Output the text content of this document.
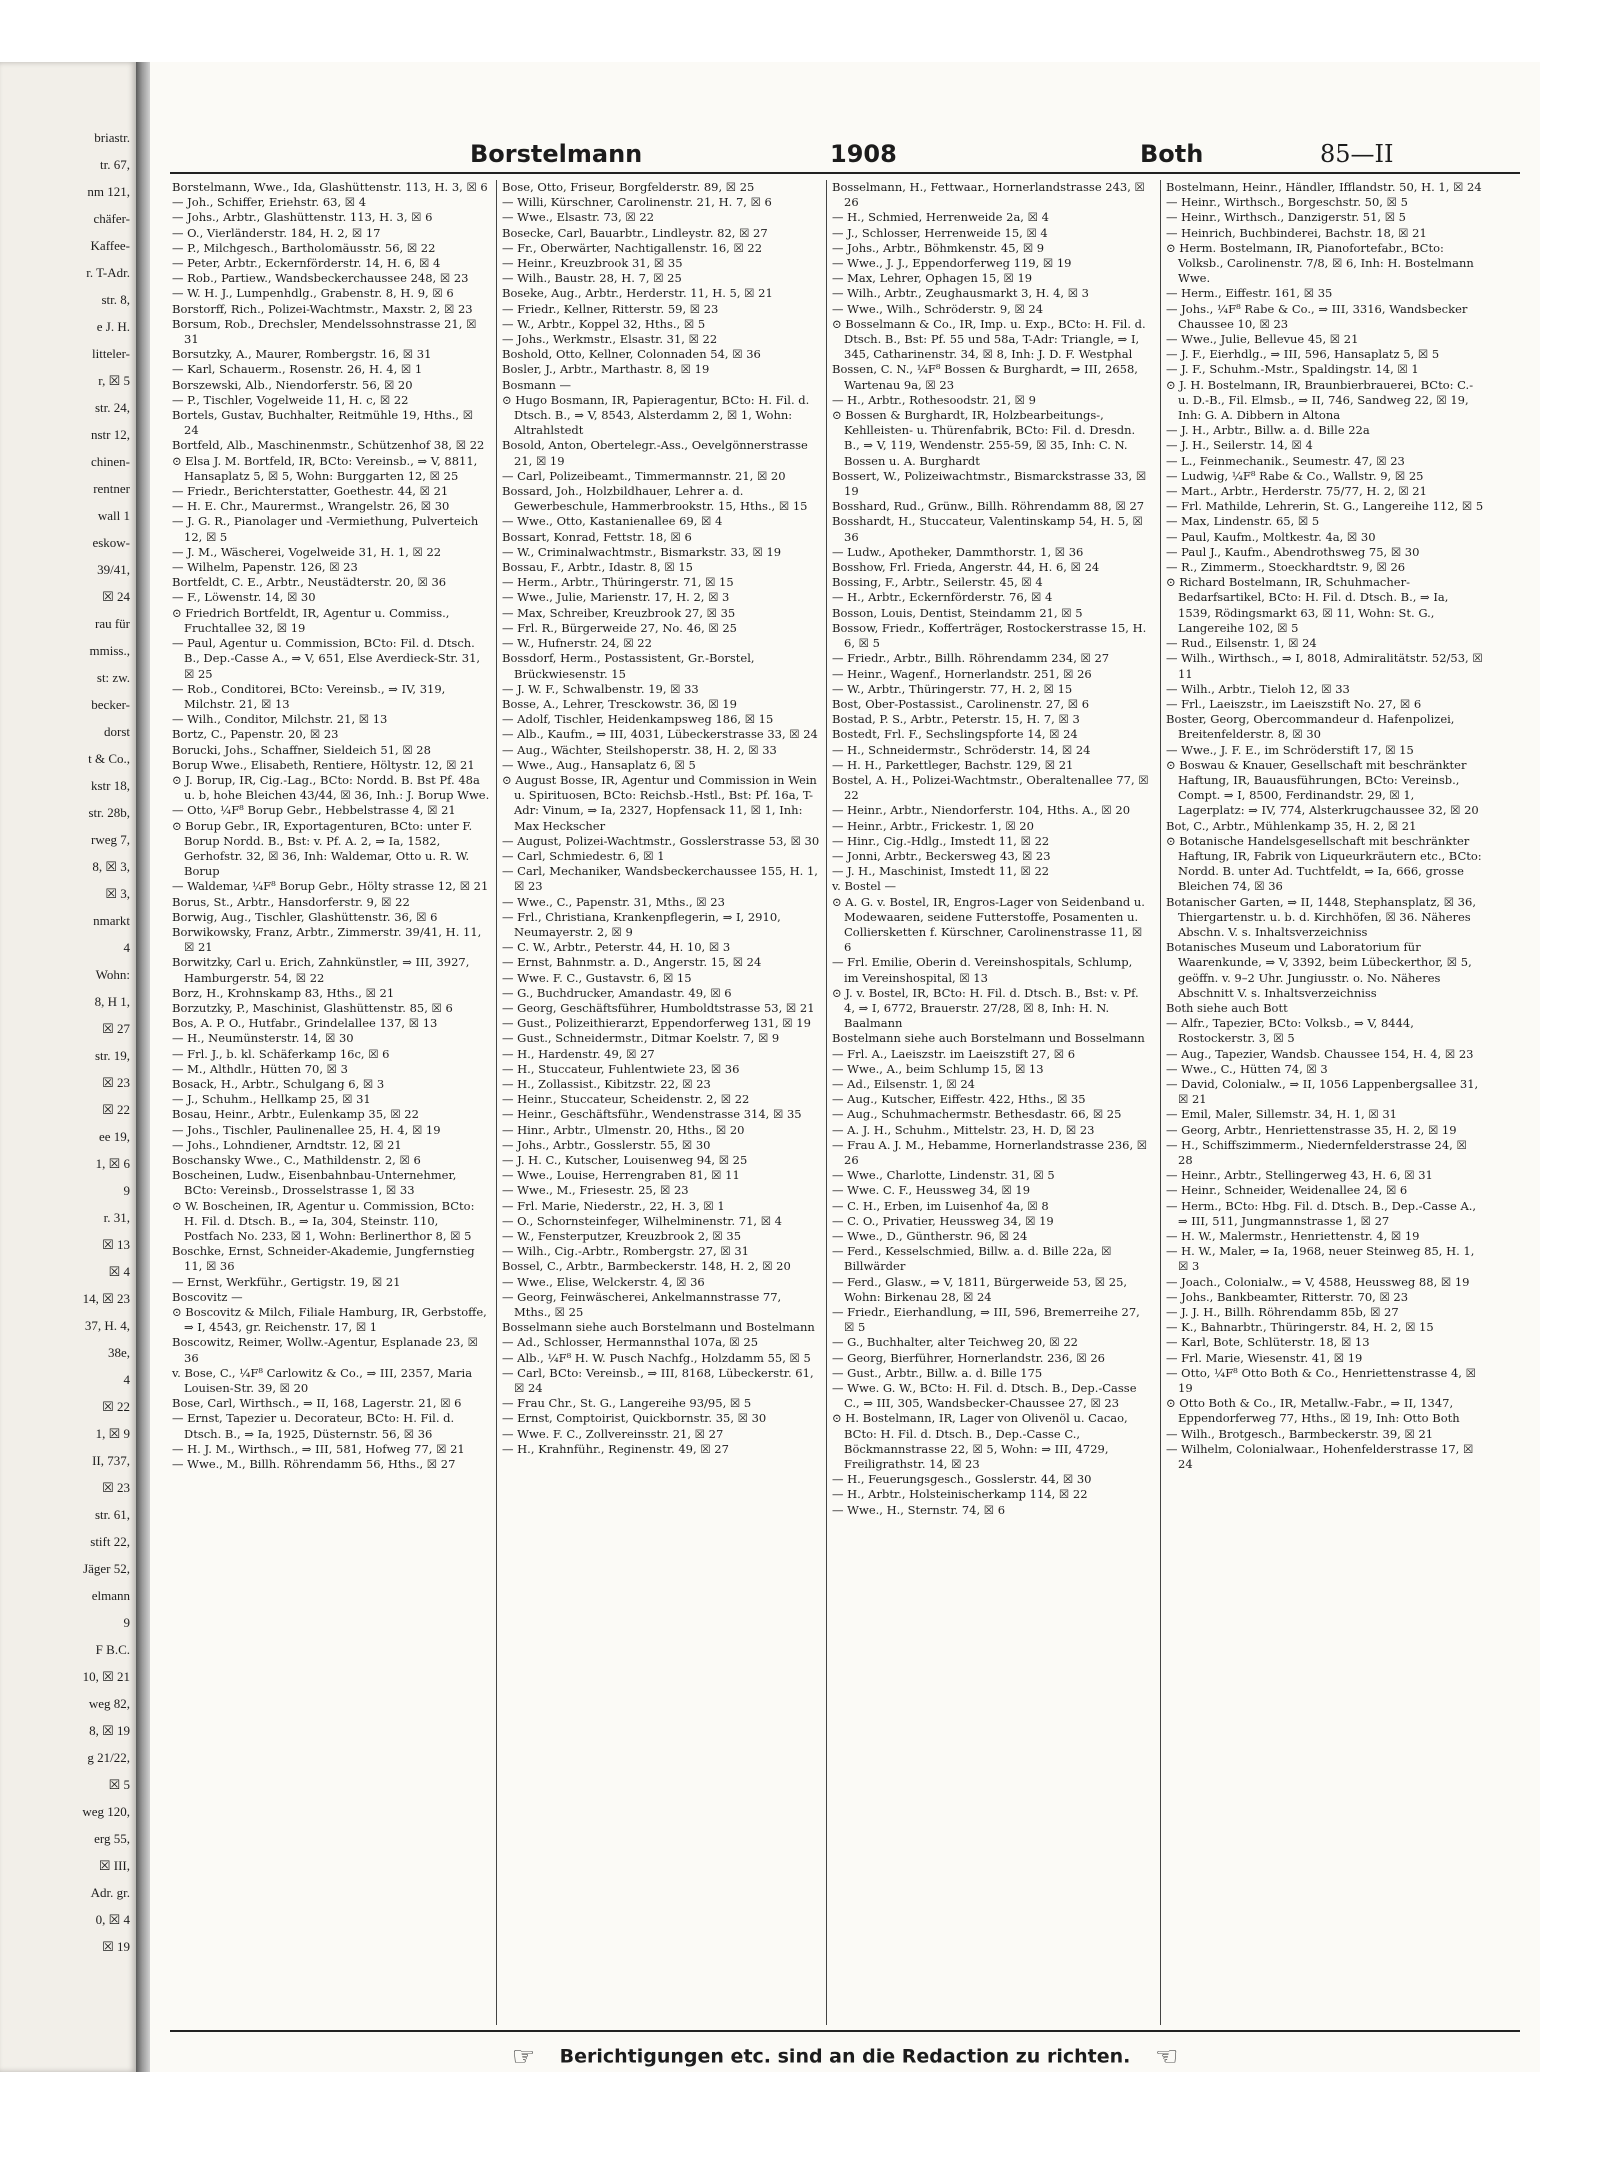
briastr.
tr. 67,
nm 121,
chäfer-
Kaffee-
r. T-Adr.
str. 8,
e J. H.
litteler-
r, ☒ 5
str. 24,
nstr 12,
chinen-
rentner
wall 1
eskow-
39/41,
☒ 24
rau für
mmiss.,
st: zw.
becker-
dorst
t & Co.,
kstr 18,
str. 28b,
rweg 7,
8, ☒ 3,
☒ 3,
nmarkt
4
Wohn:
8, H 1,
☒ 27
str. 19,
☒ 23
☒ 22
ee 19,
1, ☒ 6
9
r. 31,
☒ 13
☒ 4
14, ☒ 23
37, H. 4,
38e,
4
☒ 22
1, ☒ 9
II, 737,
☒ 23
str. 61,
stift 22,
Jäger 52,
elmann
9
F B.C.
10, ☒ 21
weg 82,
8, ☒ 19
g 21/22,
☒ 5
weg 120,
erg 55,
☒ III,
Adr. gr.
0, ☒ 4
☒ 19
Borstelmann	1908	Both	85—II

Borstelmann, Wwe., Ida, Glashüttenstr. 113, H. 3, ☒ 6

— Joh., Schiffer, Eriehstr. 63, ☒ 4

— Johs., Arbtr., Glashüttenstr. 113, H. 3, ☒ 6

— O., Vierländerstr. 184, H. 2, ☒ 17

— P., Milchgesch., Bartholomäusstr. 56, ☒ 22

— Peter, Arbtr., Eckernförderstr. 14, H. 6, ☒ 4

— Rob., Partiew., Wandsbeckerchaussee 248, ☒ 23

— W. H. J., Lumpenhdlg., Grabenstr. 8, H. 9, ☒ 6

Borstorff, Rich., Polizei-Wachtmstr., Maxstr. 2, ☒ 23

Borsum, Rob., Drechsler, Mendelssohnstrasse 21, ☒ 31

Borsutzky, A., Maurer, Rombergstr. 16, ☒ 31

— Karl, Schauerm., Rosenstr. 26, H. 4, ☒ 1

Borszewski, Alb., Niendorferstr. 56, ☒ 20

— P., Tischler, Vogelweide 11, H. c, ☒ 22

Bortels, Gustav, Buchhalter, Reitmühle 19, Hths., ☒ 24

Bortfeld, Alb., Maschinenmstr., Schützenhof 38, ☒ 22

⊙ Elsa J. M. Bortfeld, IR, BCto: Vereinsb., ⇒ V, 8811, Hansaplatz 5, ☒ 5, Wohn: Burggarten 12, ☒ 25

— Friedr., Berichterstatter, Goethestr. 44, ☒ 21

— H. E. Chr., Maurermst., Wrangelstr. 26, ☒ 30

— J. G. R., Pianolager und -Vermiethung, Pulverteich 12, ☒ 5

— J. M., Wäscherei, Vogelweide 31, H. 1, ☒ 22

— Wilhelm, Papenstr. 126, ☒ 23

Bortfeldt, C. E., Arbtr., Neustädterstr. 20, ☒ 36

— F., Löwenstr. 14, ☒ 30

⊙ Friedrich Bortfeldt, IR, Agentur u. Commiss., Fruchtallee 32, ☒ 19

— Paul, Agentur u. Commission, BCto: Fil. d. Dtsch. B., Dep.-Casse A., ⇒ V, 651, Else Averdieck-Str. 31, ☒ 25

— Rob., Conditorei, BCto: Vereinsb., ⇒ IV, 319, Milchstr. 21, ☒ 13

— Wilh., Conditor, Milchstr. 21, ☒ 13

Bortz, C., Papenstr. 20, ☒ 23

Borucki, Johs., Schaffner, Sieldeich 51, ☒ 28

Borup Wwe., Elisabeth, Rentiere, Höltystr. 12, ☒ 21

⊙ J. Borup, IR, Cig.-Lag., BCto: Nordd. B. Bst Pf. 48a u. b, hohe Bleichen 43/44, ☒ 36, Inh.: J. Borup Wwe.

— Otto, ¼F⁸ Borup Gebr., Hebbelstrasse 4, ☒ 21

⊙ Borup Gebr., IR, Exportagenturen, BCto: unter F. Borup Nordd. B., Bst: v. Pf. A. 2, ⇒ Ia, 1582, Gerhofstr. 32, ☒ 36, Inh: Waldemar, Otto u. R. W. Borup

— Waldemar, ¼F⁸ Borup Gebr., Hölty strasse 12, ☒ 21

Borus, St., Arbtr., Hansdorferstr. 9, ☒ 22

Borwig, Aug., Tischler, Glashüttenstr. 36, ☒ 6

Borwikowsky, Franz, Arbtr., Zimmerstr. 39/41, H. 11, ☒ 21

Borwitzky, Carl u. Erich, Zahnkünstler, ⇒ III, 3927, Hamburgerstr. 54, ☒ 22

Borz, H., Krohnskamp 83, Hths., ☒ 21

Borzutzky, P., Maschinist, Glashüttenstr. 85, ☒ 6

Bos, A. P. O., Hutfabr., Grindelallee 137, ☒ 13

— H., Neumünsterstr. 14, ☒ 30

— Frl. J., b. kl. Schäferkamp 16c, ☒ 6

— M., Althdlr., Hütten 70, ☒ 3

Bosack, H., Arbtr., Schulgang 6, ☒ 3

— J., Schuhm., Hellkamp 25, ☒ 31

Bosau, Heinr., Arbtr., Eulenkamp 35, ☒ 22

— Johs., Tischler, Paulinenallee 25, H. 4, ☒ 19

— Johs., Lohndiener, Arndtstr. 12, ☒ 21

Boschansky Wwe., C., Mathildenstr. 2, ☒ 6

Boscheinen, Ludw., Eisenbahnbau-Unternehmer, BCto: Vereinsb., Drosselstrasse 1, ☒ 33

⊙ W. Boscheinen, IR, Agentur u. Commission, BCto: H. Fil. d. Dtsch. B., ⇒ Ia, 304, Steinstr. 110, Postfach No. 233, ☒ 1, Wohn: Berlinerthor 8, ☒ 5

Boschke, Ernst, Schneider-Akademie, Jungfernstieg 11, ☒ 36

— Ernst, Werkführ., Gertigstr. 19, ☒ 21

Boscovitz —

⊙ Boscovitz & Milch, Filiale Hamburg, IR, Gerbstoffe, ⇒ I, 4543, gr. Reichenstr. 17, ☒ 1

Boscowitz, Reimer, Wollw.-Agentur, Esplanade 23, ☒ 36

v. Bose, C., ¼F⁸ Carlowitz & Co., ⇒ III, 2357, Maria Louisen-Str. 39, ☒ 20

Bose, Carl, Wirthsch., ⇒ II, 168, Lagerstr. 21, ☒ 6

— Ernst, Tapezier u. Decorateur, BCto: H. Fil. d. Dtsch. B., ⇒ Ia, 1925, Düsternstr. 56, ☒ 36

— H. J. M., Wirthsch., ⇒ III, 581, Hofweg 77, ☒ 21

— Wwe., M., Billh. Röhrendamm 56, Hths., ☒ 27

Bose, Otto, Friseur, Borgfelderstr. 89, ☒ 25

— Willi, Kürschner, Carolinenstr. 21, H. 7, ☒ 6

— Wwe., Elsastr. 73, ☒ 22

Bosecke, Carl, Bauarbtr., Lindleystr. 82, ☒ 27

— Fr., Oberwärter, Nachtigallenstr. 16, ☒ 22

— Heinr., Kreuzbrook 31, ☒ 35

— Wilh., Baustr. 28, H. 7, ☒ 25

Boseke, Aug., Arbtr., Herderstr. 11, H. 5, ☒ 21

— Friedr., Kellner, Ritterstr. 59, ☒ 23

— W., Arbtr., Koppel 32, Hths., ☒ 5

— Johs., Werkmstr., Elsastr. 31, ☒ 22

Boshold, Otto, Kellner, Colonnaden 54, ☒ 36

Bosler, J., Arbtr., Marthastr. 8, ☒ 19

Bosmann —

⊙ Hugo Bosmann, IR, Papieragentur, BCto: H. Fil. d. Dtsch. B., ⇒ V, 8543, Alsterdamm 2, ☒ 1, Wohn: Altrahlstedt

Bosold, Anton, Obertelegr.-Ass., Oevelgönnerstrasse 21, ☒ 19

— Carl, Polizeibeamt., Timmermannstr. 21, ☒ 20

Bossard, Joh., Holzbildhauer, Lehrer a. d. Gewerbeschule, Hammerbrookstr. 15, Hths., ☒ 15

— Wwe., Otto, Kastanienallee 69, ☒ 4

Bossart, Konrad, Fettstr. 18, ☒ 6

— W., Criminalwachtmstr., Bismarkstr. 33, ☒ 19

Bossau, F., Arbtr., Idastr. 8, ☒ 15

— Herm., Arbtr., Thüringerstr. 71, ☒ 15

— Wwe., Julie, Marienstr. 17, H. 2, ☒ 3

— Max, Schreiber, Kreuzbrook 27, ☒ 35

— Frl. R., Bürgerweide 27, No. 46, ☒ 25

— W., Hufnerstr. 24, ☒ 22

Bossdorf, Herm., Postassistent, Gr.-Borstel, Brückwiesenstr. 15

— J. W. F., Schwalbenstr. 19, ☒ 33

Bosse, A., Lehrer, Tresckowstr. 36, ☒ 19

— Adolf, Tischler, Heidenkampsweg 186, ☒ 15

— Alb., Kaufm., ⇒ III, 4031, Lübeckerstrasse 33, ☒ 24

— Aug., Wächter, Steilshoperstr. 38, H. 2, ☒ 33

— Wwe., Aug., Hansaplatz 6, ☒ 5

⊙ August Bosse, IR, Agentur und Commission in Wein u. Spirituosen, BCto: Reichsb.-Hstl., Bst: Pf. 16a, T-Adr: Vinum, ⇒ Ia, 2327, Hopfensack 11, ☒ 1, Inh: Max Heckscher

— August, Polizei-Wachtmstr., Gosslerstrasse 53, ☒ 30

— Carl, Schmiedestr. 6, ☒ 1

— Carl, Mechaniker, Wandsbeckerchaussee 155, H. 1, ☒ 23

— Wwe., C., Papenstr. 31, Mths., ☒ 23

— Frl., Christiana, Krankenpflegerin, ⇒ I, 2910, Neumayerstr. 2, ☒ 9

— C. W., Arbtr., Peterstr. 44, H. 10, ☒ 3

— Ernst, Bahnmstr. a. D., Angerstr. 15, ☒ 24

— Wwe. F. C., Gustavstr. 6, ☒ 15

— G., Buchdrucker, Amandastr. 49, ☒ 6

— Georg, Geschäftsführer, Humboldtstrasse 53, ☒ 21

— Gust., Polizeithierarzt, Eppendorferweg 131, ☒ 19

— Gust., Schneidermstr., Ditmar Koelstr. 7, ☒ 9

— H., Hardenstr. 49, ☒ 27

— H., Stuccateur, Fuhlentwiete 23, ☒ 36

— H., Zollassist., Kibitzstr. 22, ☒ 23

— Heinr., Stuccateur, Scheidenstr. 2, ☒ 22

— Heinr., Geschäftsführ., Wendenstrasse 314, ☒ 35

— Hinr., Arbtr., Ulmenstr. 20, Hths., ☒ 20

— Johs., Arbtr., Gosslerstr. 55, ☒ 30

— J. H. C., Kutscher, Louisenweg 94, ☒ 25

— Wwe., Louise, Herrengraben 81, ☒ 11

— Wwe., M., Friesestr. 25, ☒ 23

— Frl. Marie, Niederstr., 22, H. 3, ☒ 1

— O., Schornsteinfeger, Wilhelminenstr. 71, ☒ 4

— W., Fensterputzer, Kreuzbrook 2, ☒ 35

— Wilh., Cig.-Arbtr., Rombergstr. 27, ☒ 31

Bossel, C., Arbtr., Barmbeckerstr. 148, H. 2, ☒ 20

— Wwe., Elise, Welckerstr. 4, ☒ 36

— Georg, Feinwäscherei, Ankelmannstrasse 77, Mths., ☒ 25

Bosselmann siehe auch Borstelmann und Bostelmann

— Ad., Schlosser, Hermannsthal 107a, ☒ 25

— Alb., ¼F⁸ H. W. Pusch Nachfg., Holzdamm 55, ☒ 5

— Carl, BCto: Vereinsb., ⇒ III, 8168, Lübeckerstr. 61, ☒ 24

— Frau Chr., St. G., Langereihe 93/95, ☒ 5

— Ernst, Comptoirist, Quickbornstr. 35, ☒ 30

— Wwe. F. C., Zollvereinsstr. 21, ☒ 27

— H., Krahnführ., Reginenstr. 49, ☒ 27

Bosselmann, H., Fettwaar., Hornerlandstrasse 243, ☒ 26

— H., Schmied, Herrenweide 2a, ☒ 4

— J., Schlosser, Herrenweide 15, ☒ 4

— Johs., Arbtr., Böhmkenstr. 45, ☒ 9

— Wwe., J. J., Eppendorferweg 119, ☒ 19

— Max, Lehrer, Ophagen 15, ☒ 19

— Wilh., Arbtr., Zeughausmarkt 3, H. 4, ☒ 3

— Wwe., Wilh., Schröderstr. 9, ☒ 24

⊙ Bosselmann & Co., IR, Imp. u. Exp., BCto: H. Fil. d. Dtsch. B., Bst: Pf. 55 und 58a, T-Adr: Triangle, ⇒ I, 345, Catharinenstr. 34, ☒ 8, Inh: J. D. F. Westphal

Bossen, C. N., ¼F⁸ Bossen & Burghardt, ⇒ III, 2658, Wartenau 9a, ☒ 23

— H., Arbtr., Rothesoodstr. 21, ☒ 9

⊙ Bossen & Burghardt, IR, Holzbearbeitungs-, Kehlleisten- u. Thürenfabrik, BCto: Fil. d. Dresdn. B., ⇒ V, 119, Wendenstr. 255-59, ☒ 35, Inh: C. N. Bossen u. A. Burghardt

Bossert, W., Polizeiwachtmstr., Bismarckstrasse 33, ☒ 19

Bosshard, Rud., Grünw., Billh. Röhrendamm 88, ☒ 27

Bosshardt, H., Stuccateur, Valentinskamp 54, H. 5, ☒ 36

— Ludw., Apotheker, Dammthorstr. 1, ☒ 36

Bosshow, Frl. Frieda, Angerstr. 44, H. 6, ☒ 24

Bossing, F., Arbtr., Seilerstr. 45, ☒ 4

— H., Arbtr., Eckernförderstr. 76, ☒ 4

Bosson, Louis, Dentist, Steindamm 21, ☒ 5

Bossow, Friedr., Kofferträger, Rostockerstrasse 15, H. 6, ☒ 5

— Friedr., Arbtr., Billh. Röhrendamm 234, ☒ 27

— Heinr., Wagenf., Hornerlandstr. 251, ☒ 26

— W., Arbtr., Thüringerstr. 77, H. 2, ☒ 15

Bost, Ober-Postassist., Carolinenstr. 27, ☒ 6

Bostad, P. S., Arbtr., Peterstr. 15, H. 7, ☒ 3

Bostedt, Frl. F., Sechslingspforte 14, ☒ 24

— H., Schneidermstr., Schröderstr. 14, ☒ 24

— H. H., Parkettleger, Bachstr. 129, ☒ 21

Bostel, A. H., Polizei-Wachtmstr., Oberaltenallee 77, ☒ 22

— Heinr., Arbtr., Niendorferstr. 104, Hths. A., ☒ 20

— Heinr., Arbtr., Frickestr. 1, ☒ 20

— Hinr., Cig.-Hdlg., Imstedt 11, ☒ 22

— Jonni, Arbtr., Beckersweg 43, ☒ 23

— J. H., Maschinist, Imstedt 11, ☒ 22

v. Bostel —

⊙ A. G. v. Bostel, IR, Engros-Lager von Seidenband u. Modewaaren, seidene Futterstoffe, Posamenten u. Colliersketten f. Kürschner, Carolinenstrasse 11, ☒ 6

— Frl. Emilie, Oberin d. Vereinshospitals, Schlump, im Vereinshospital, ☒ 13

⊙ J. v. Bostel, IR, BCto: H. Fil. d. Dtsch. B., Bst: v. Pf. 4, ⇒ I, 6772, Brauerstr. 27/28, ☒ 8, Inh: H. N. Baalmann

Bostelmann siehe auch Borstelmann und Bosselmann

— Frl. A., Laeiszstr. im Laeiszstift 27, ☒ 6

— Wwe., A., beim Schlump 15, ☒ 13

— Ad., Eilsenstr. 1, ☒ 24

— Aug., Kutscher, Eiffestr. 422, Hths., ☒ 35

— Aug., Schuhmachermstr. Bethesdastr. 66, ☒ 25

— A. J. H., Schuhm., Mittelstr. 23, H. D, ☒ 23

— Frau A. J. M., Hebamme, Hornerlandstrasse 236, ☒ 26

— Wwe., Charlotte, Lindenstr. 31, ☒ 5

— Wwe. C. F., Heussweg 34, ☒ 19

— C. H., Erben, im Luisenhof 4a, ☒ 8

— C. O., Privatier, Heussweg 34, ☒ 19

— Wwe., D., Güntherstr. 96, ☒ 24

— Ferd., Kesselschmied, Billw. a. d. Bille 22a, ☒ Billwärder

— Ferd., Glasw., ⇒ V, 1811, Bürgerweide 53, ☒ 25, Wohn: Birkenau 28, ☒ 24

— Friedr., Eierhandlung, ⇒ III, 596, Bremerreihe 27, ☒ 5

— G., Buchhalter, alter Teichweg 20, ☒ 22

— Georg, Bierführer, Hornerlandstr. 236, ☒ 26

— Gust., Arbtr., Billw. a. d. Bille 175

— Wwe. G. W., BCto: H. Fil. d. Dtsch. B., Dep.-Casse C., ⇒ III, 305, Wandsbecker-Chaussee 27, ☒ 23

⊙ H. Bostelmann, IR, Lager von Olivenöl u. Cacao, BCto: H. Fil. d. Dtsch. B., Dep.-Casse C., Böckmannstrasse 22, ☒ 5, Wohn: ⇒ III, 4729, Freiligrathstr. 14, ☒ 23

— H., Feuerungsgesch., Gosslerstr. 44, ☒ 30

— H., Arbtr., Holsteinischerkamp 114, ☒ 22

— Wwe., H., Sternstr. 74, ☒ 6

Bostelmann, Heinr., Händler, Ifflandstr. 50, H. 1, ☒ 24

— Heinr., Wirthsch., Borgeschstr. 50, ☒ 5

— Heinr., Wirthsch., Danzigerstr. 51, ☒ 5

— Heinrich, Buchbinderei, Bachstr. 18, ☒ 21

⊙ Herm. Bostelmann, IR, Pianofortefabr., BCto: Volksb., Carolinenstr. 7/8, ☒ 6, Inh: H. Bostelmann Wwe.

— Herm., Eiffestr. 161, ☒ 35

— Johs., ¼F⁸ Rabe & Co., ⇒ III, 3316, Wandsbecker Chaussee 10, ☒ 23

— Wwe., Julie, Bellevue 45, ☒ 21

— J. F., Eierhdlg., ⇒ III, 596, Hansaplatz 5, ☒ 5

— J. F., Schuhm.-Mstr., Spaldingstr. 14, ☒ 1

⊙ J. H. Bostelmann, IR, Braunbierbrauerei, BCto: C.-u. D.-B., Fil. Elmsb., ⇒ II, 746, Sandweg 22, ☒ 19, Inh: G. A. Dibbern in Altona

— J. H., Arbtr., Billw. a. d. Bille 22a

— J. H., Seilerstr. 14, ☒ 4

— L., Feinmechanik., Seumestr. 47, ☒ 23

— Ludwig, ¼F⁸ Rabe & Co., Wallstr. 9, ☒ 25

— Mart., Arbtr., Herderstr. 75/77, H. 2, ☒ 21

— Frl. Mathilde, Lehrerin, St. G., Langereihe 112, ☒ 5

— Max, Lindenstr. 65, ☒ 5

— Paul, Kaufm., Moltkestr. 4a, ☒ 30

— Paul J., Kaufm., Abendrothsweg 75, ☒ 30

— R., Zimmerm., Stoeckhardtstr. 9, ☒ 26

⊙ Richard Bostelmann, IR, Schuhmacher-Bedarfsartikel, BCto: H. Fil. d. Dtsch. B., ⇒ Ia, 1539, Rödingsmarkt 63, ☒ 11, Wohn: St. G., Langereihe 102, ☒ 5

— Rud., Eilsenstr. 1, ☒ 24

— Wilh., Wirthsch., ⇒ I, 8018, Admiralitätstr. 52/53, ☒ 11

— Wilh., Arbtr., Tieloh 12, ☒ 33

— Frl., Laeiszstr., im Laeiszstift No. 27, ☒ 6

Boster, Georg, Obercommandeur d. Hafenpolizei, Breitenfelderstr. 8, ☒ 30

— Wwe., J. F. E., im Schröderstift 17, ☒ 15

⊙ Boswau & Knauer, Gesellschaft mit beschränkter Haftung, IR, Bauausführungen, BCto: Vereinsb., Compt. ⇒ I, 8500, Ferdinandstr. 29, ☒ 1, Lagerplatz: ⇒ IV, 774, Alsterkrugchaussee 32, ☒ 20

Bot, C., Arbtr., Mühlenkamp 35, H. 2, ☒ 21

⊙ Botanische Handelsgesellschaft mit beschränkter Haftung, IR, Fabrik von Liqueurkräutern etc., BCto: Nordd. B. unter Ad. Tuchtfeldt, ⇒ Ia, 666, grosse Bleichen 74, ☒ 36

Botanischer Garten, ⇒ II, 1448, Stephansplatz, ☒ 36, Thiergartenstr. u. b. d. Kirchhöfen, ☒ 36. Näheres Abschn. V. s. Inhaltsverzeichniss

Botanisches Museum und Laboratorium für Waarenkunde, ⇒ V, 3392, beim Lübeckerthor, ☒ 5, geöffn. v. 9–2 Uhr. Jungiusstr. o. No. Näheres Abschnitt V. s. Inhaltsverzeichniss

Both siehe auch Bott

— Alfr., Tapezier, BCto: Volksb., ⇒ V, 8444, Rostockerstr. 3, ☒ 5

— Aug., Tapezier, Wandsb. Chaussee 154, H. 4, ☒ 23

— Wwe., C., Hütten 74, ☒ 3

— David, Colonialw., ⇒ II, 1056 Lappenbergsallee 31, ☒ 21

— Emil, Maler, Sillemstr. 34, H. 1, ☒ 31

— Georg, Arbtr., Henriettenstrasse 35, H. 2, ☒ 19

— H., Schiffszimmerm., Niedernfelderstrasse 24, ☒ 28

— Heinr., Arbtr., Stellingerweg 43, H. 6, ☒ 31

— Heinr., Schneider, Weidenallee 24, ☒ 6

— Herm., BCto: Hbg. Fil. d. Dtsch. B., Dep.-Casse A., ⇒ III, 511, Jungmannstrasse 1, ☒ 27

— H. W., Malermstr., Henriettenstr. 4, ☒ 19

— H. W., Maler, ⇒ Ia, 1968, neuer Steinweg 85, H. 1, ☒ 3

— Joach., Colonialw., ⇒ V, 4588, Heussweg 88, ☒ 19

— Johs., Bankbeamter, Ritterstr. 70, ☒ 23

— J. J. H., Billh. Röhrendamm 85b, ☒ 27

— K., Bahnarbtr., Thüringerstr. 84, H. 2, ☒ 15

— Karl, Bote, Schlüterstr. 18, ☒ 13

— Frl. Marie, Wiesenstr. 41, ☒ 19

— Otto, ¼F⁸ Otto Both & Co., Henriettenstrasse 4, ☒ 19

⊙ Otto Both & Co., IR, Metallw.-Fabr., ⇒ II, 1347, Eppendorferweg 77, Hths., ☒ 19, Inh: Otto Both

— Wilh., Brotgesch., Barmbeckerstr. 39, ☒ 21

— Wilhelm, Colonialwaar., Hohenfelderstrasse 17, ☒ 24

☞ Berichtigungen etc. sind an die Redaction zu richten. ☜
